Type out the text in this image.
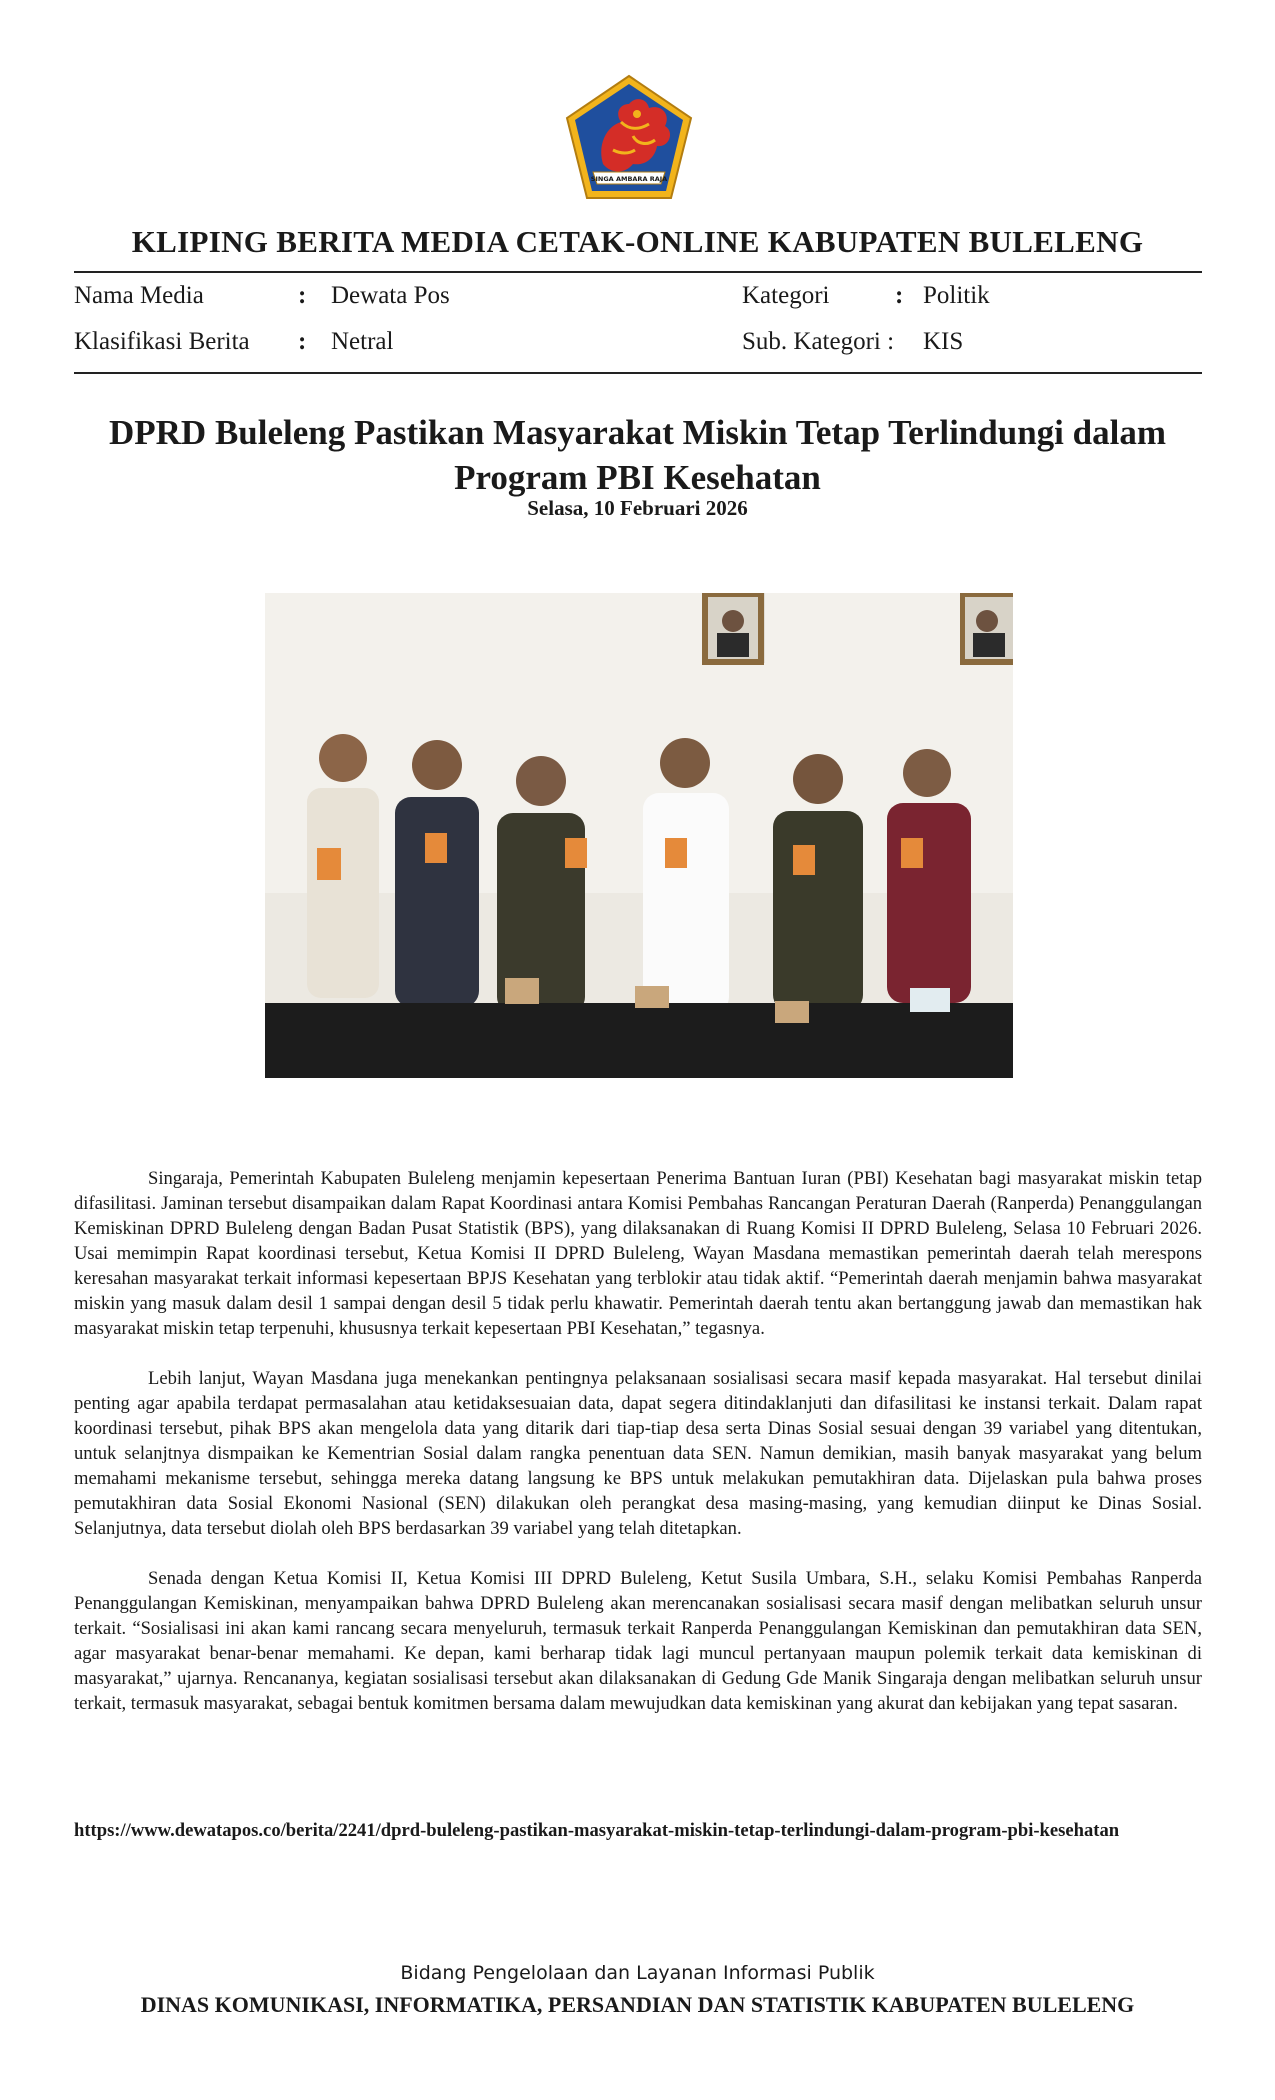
SINGA AMBARA RAJA
KLIPING BERITA MEDIA CETAK-ONLINE KABUPATEN BULELENG
Nama Media	: Dewata Pos	Kategori	: Politik
Klasifikasi Berita : Netral	Sub. Kategori : KIS
DPRD Buleleng Pastikan Masyarakat Miskin Tetap Terlindungi dalam Program PBI Kesehatan
Selasa, 10 Februari 2026

Singaraja, Pemerintah Kabupaten Buleleng menjamin kepesertaan Penerima Bantuan Iuran (PBI) Kesehatan bagi masyarakat miskin tetap difasilitasi. Jaminan tersebut disampaikan dalam Rapat Koordinasi antara Komisi Pembahas Rancangan Peraturan Daerah (Ranperda) Penanggulangan Kemiskinan DPRD Buleleng dengan Badan Pusat Statistik (BPS), yang dilaksanakan di Ruang Komisi II DPRD Buleleng, Selasa 10 Februari 2026. Usai memimpin Rapat koordinasi tersebut, Ketua Komisi II DPRD Buleleng, Wayan Masdana memastikan pemerintah daerah telah merespons keresahan masyarakat terkait informasi kepesertaan BPJS Kesehatan yang terblokir atau tidak aktif. “Pemerintah daerah menjamin bahwa masyarakat miskin yang masuk dalam desil 1 sampai dengan desil 5 tidak perlu khawatir. Pemerintah daerah tentu akan bertanggung jawab dan memastikan hak masyarakat miskin tetap terpenuhi, khususnya terkait kepesertaan PBI Kesehatan,” tegasnya.

Lebih lanjut, Wayan Masdana juga menekankan pentingnya pelaksanaan sosialisasi secara masif kepada masyarakat. Hal tersebut dinilai penting agar apabila terdapat permasalahan atau ketidaksesuaian data, dapat segera ditindaklanjuti dan difasilitasi ke instansi terkait. Dalam rapat koordinasi tersebut, pihak BPS akan mengelola data yang ditarik dari tiap-tiap desa serta Dinas Sosial sesuai dengan 39 variabel yang ditentukan, untuk selanjtnya dismpaikan ke Kementrian Sosial dalam rangka penentuan data SEN. Namun demikian, masih banyak masyarakat yang belum memahami mekanisme tersebut, sehingga mereka datang langsung ke BPS untuk melakukan pemutakhiran data. Dijelaskan pula bahwa proses pemutakhiran data Sosial Ekonomi Nasional (SEN) dilakukan oleh perangkat desa masing-masing, yang kemudian diinput ke Dinas Sosial. Selanjutnya, data tersebut diolah oleh BPS berdasarkan 39 variabel yang telah ditetapkan.

Senada dengan Ketua Komisi II, Ketua Komisi III DPRD Buleleng, Ketut Susila Umbara, S.H., selaku Komisi Pembahas Ranperda Penanggulangan Kemiskinan, menyampaikan bahwa DPRD Buleleng akan merencanakan sosialisasi secara masif dengan melibatkan seluruh unsur terkait. “Sosialisasi ini akan kami rancang secara menyeluruh, termasuk terkait Ranperda Penanggulangan Kemiskinan dan pemutakhiran data SEN, agar masyarakat benar-benar memahami. Ke depan, kami berharap tidak lagi muncul pertanyaan maupun polemik terkait data kemiskinan di masyarakat,” ujarnya. Rencananya, kegiatan sosialisasi tersebut akan dilaksanakan di Gedung Gde Manik Singaraja dengan melibatkan seluruh unsur terkait, termasuk masyarakat, sebagai bentuk komitmen bersama dalam mewujudkan data kemiskinan yang akurat dan kebijakan yang tepat sasaran.

https://www.dewatapos.co/berita/2241/dprd-buleleng-pastikan-masyarakat-miskin-tetap-terlindungi-dalam-program-pbi-kesehatan
Bidang Pengelolaan dan Layanan Informasi Publik
DINAS KOMUNIKASI, INFORMATIKA, PERSANDIAN DAN STATISTIK KABUPATEN BULELENG
